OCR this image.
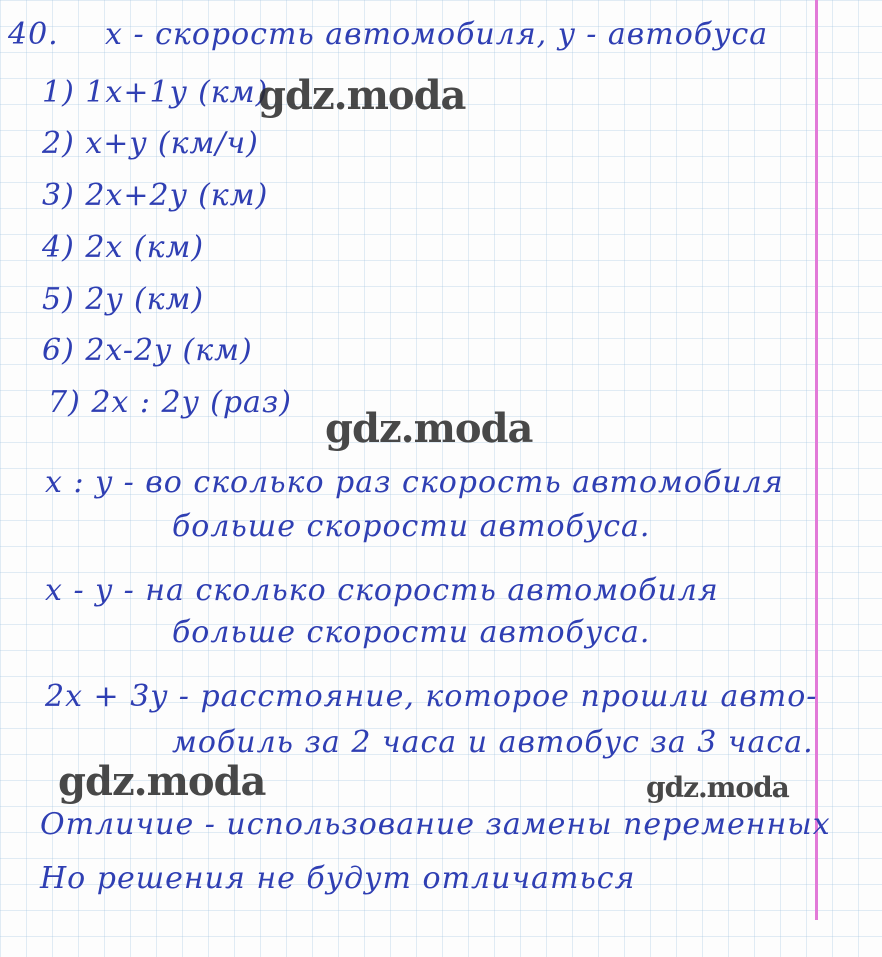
40. x - скорость автомобиля, y - автобуса
1) 1x+1y (км)
2) x+y (км/ч)
3) 2x+2y (км)
4) 2x (км)
5) 2y (км)
6) 2x-2y (км)
7) 2x : 2y (раз)
x : y - во сколько раз скорость автомобиля
больше скорости автобуса.
x - y - на сколько скорость автомобиля
больше скорости автобуса.
2x + 3y - расстояние, которое прошли авто-
мобиль за 2 часа и автобус за 3 часа.
Отличие - использование замены переменных
Но решения не будут отличаться
gdz.moda
gdz.moda
gdz.moda	gdz.moda
